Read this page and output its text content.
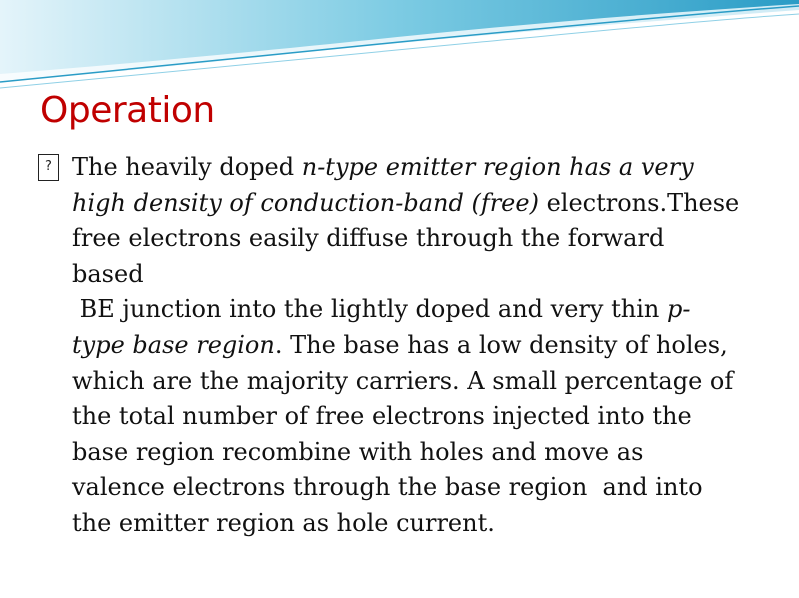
Operation

? The heavily doped n-type emitter region has a very
high density of conduction-band (free) electrons.These
free electrons easily diffuse through the forward
based
BE junction into the lightly doped and very thin p-
type base region. The base has a low density of holes,
which are the majority carriers. A small percentage of
the total number of free electrons injected into the
base region recombine with holes and move as
valence electrons through the base region  and into
the emitter region as hole current.
